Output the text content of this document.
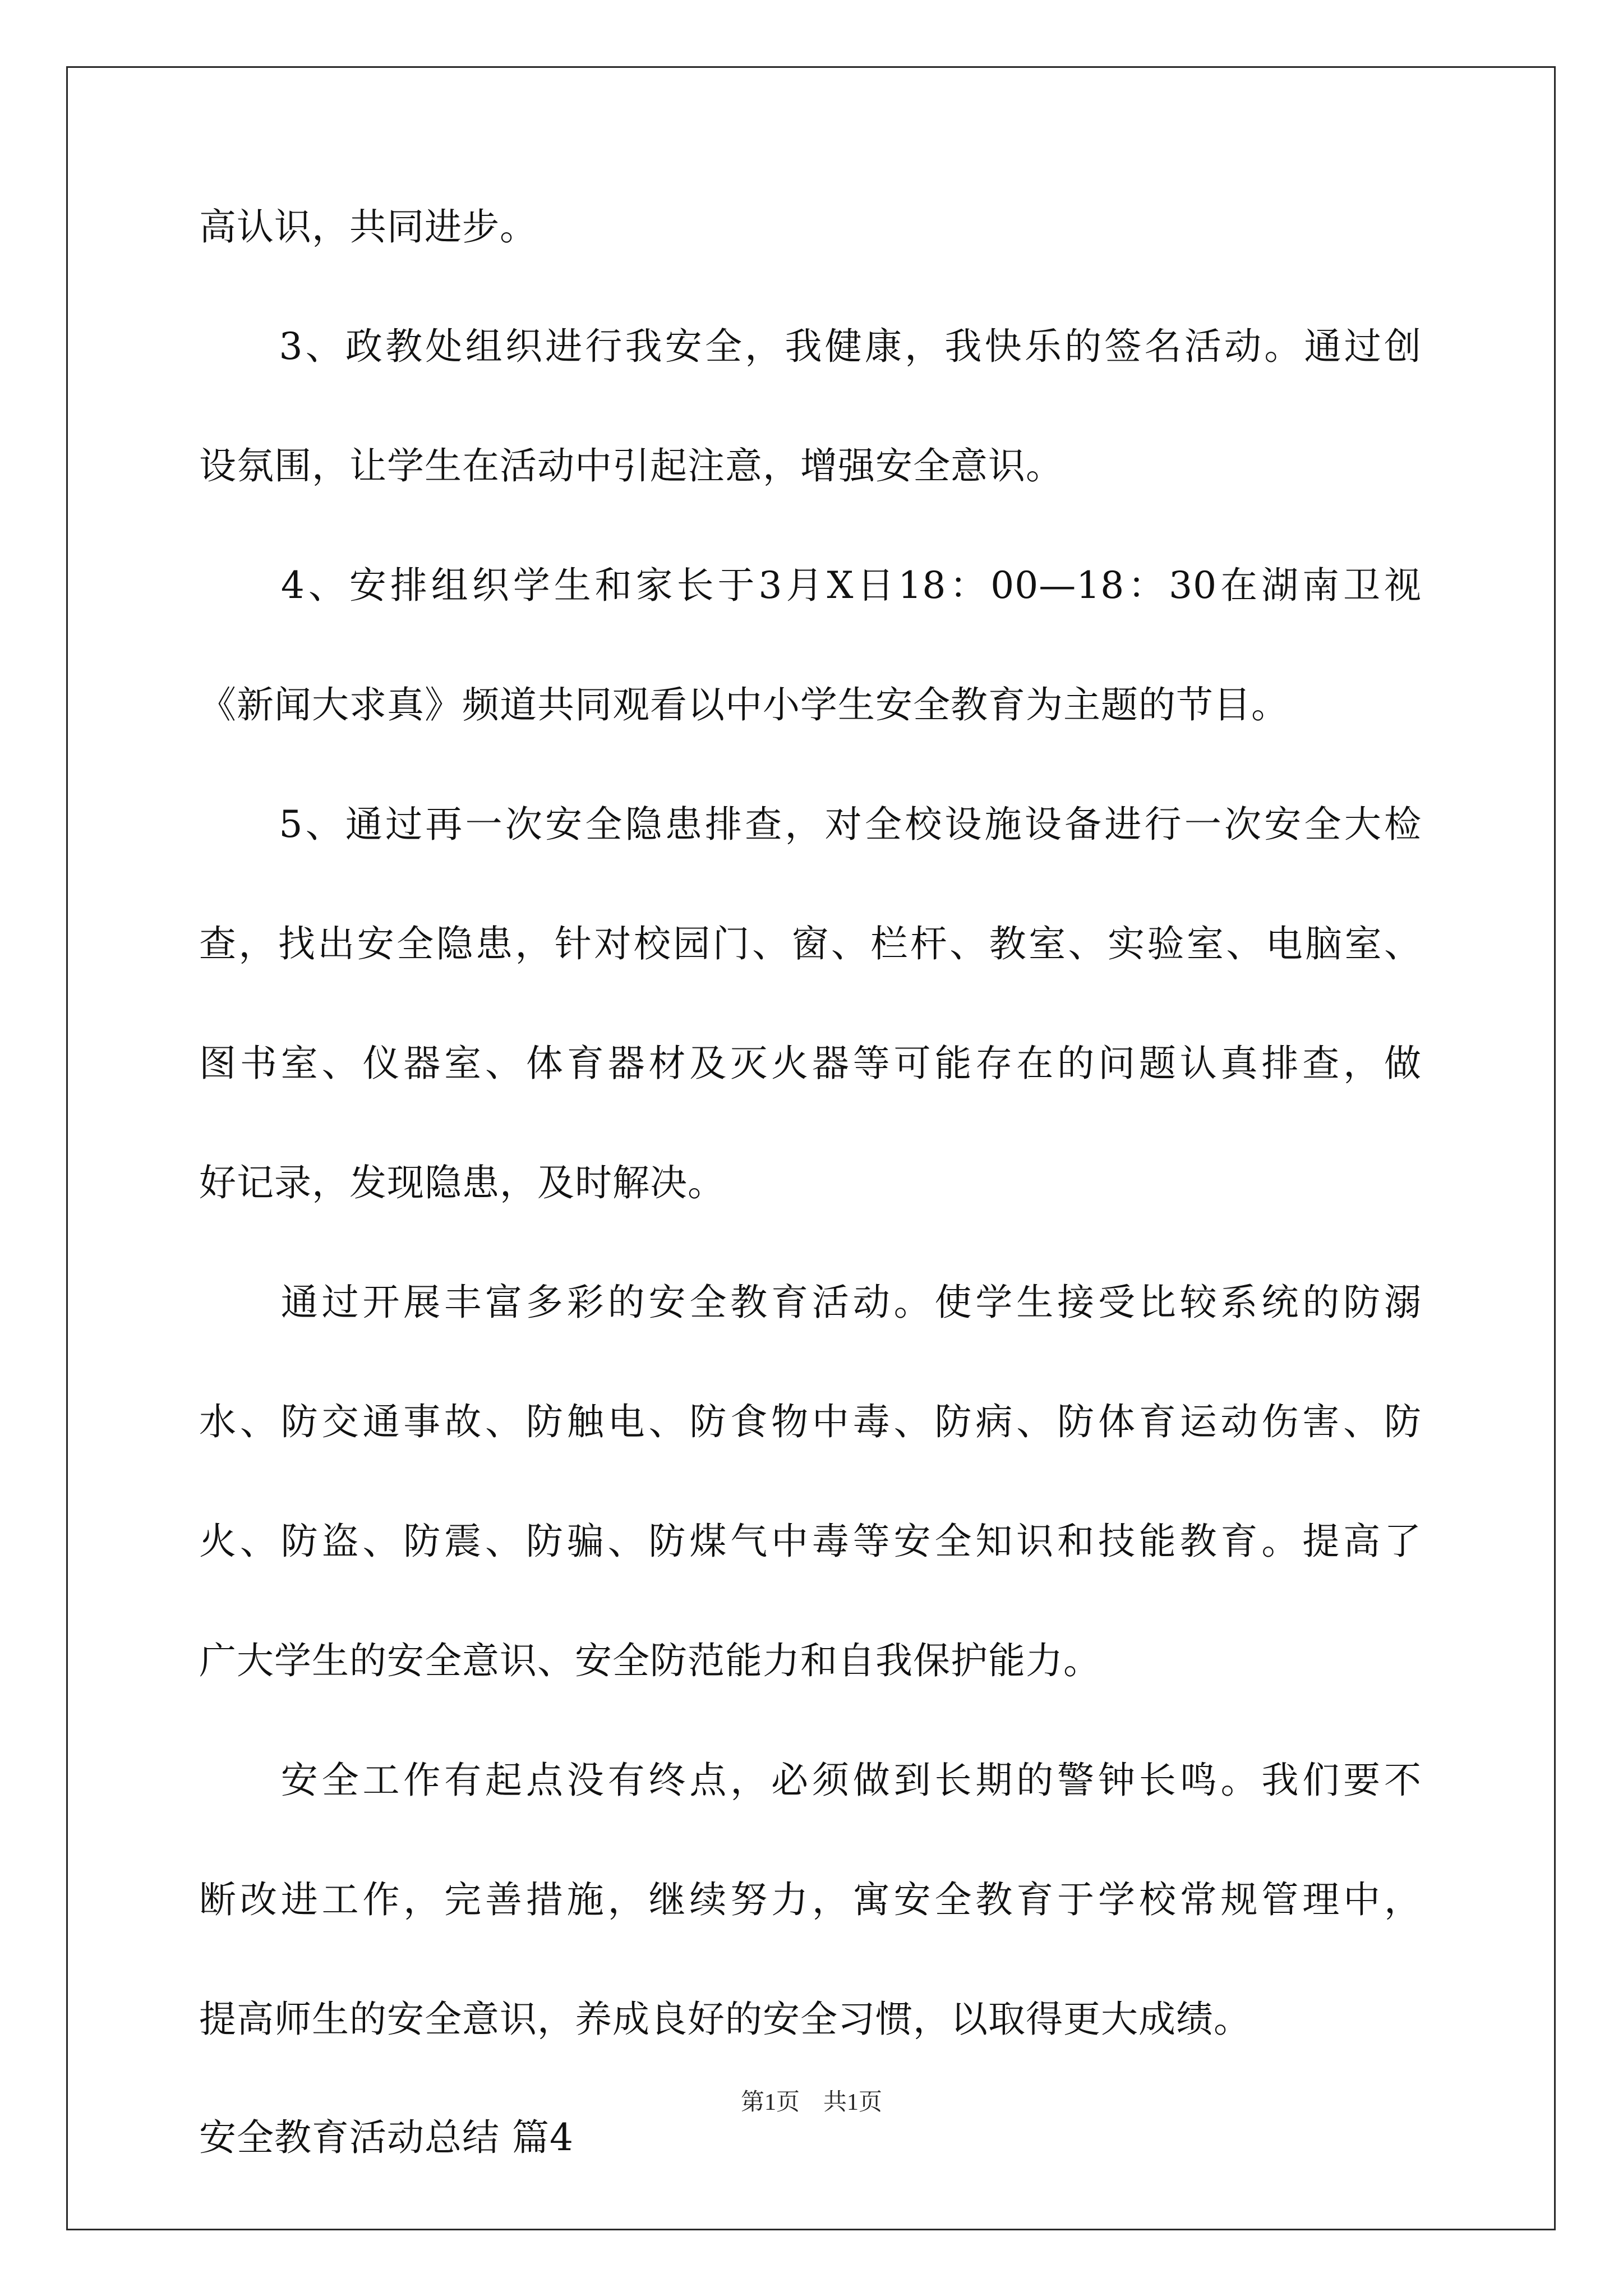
高认识，共同进步。
　　3、政教处组织进行我安全，我健康，我快乐的签名活动。通过创
设氛围，让学生在活动中引起注意，增强安全意识。
　　4、安排组织学生和家长于3月X日18：00—18：30在湖南卫视
《新闻大求真》频道共同观看以中小学生安全教育为主题的节目。
　　5、通过再一次安全隐患排查，对全校设施设备进行一次安全大检
查，找出安全隐患，针对校园门、窗、栏杆、教室、实验室、电脑室、
图书室、仪器室、体育器材及灭火器等可能存在的问题认真排查，做
好记录，发现隐患，及时解决。
　　通过开展丰富多彩的安全教育活动。使学生接受比较系统的防溺
水、防交通事故、防触电、防食物中毒、防病、防体育运动伤害、防
火、防盗、防震、防骗、防煤气中毒等安全知识和技能教育。提高了
广大学生的安全意识、安全防范能力和自我保护能力。
　　安全工作有起点没有终点，必须做到长期的警钟长鸣。我们要不
断改进工作，完善措施，继续努力，寓安全教育于学校常规管理中，
提高师生的安全意识，养成良好的安全习惯，以取得更大成绩。
安全教育活动总结 篇4
第1页　共1页
